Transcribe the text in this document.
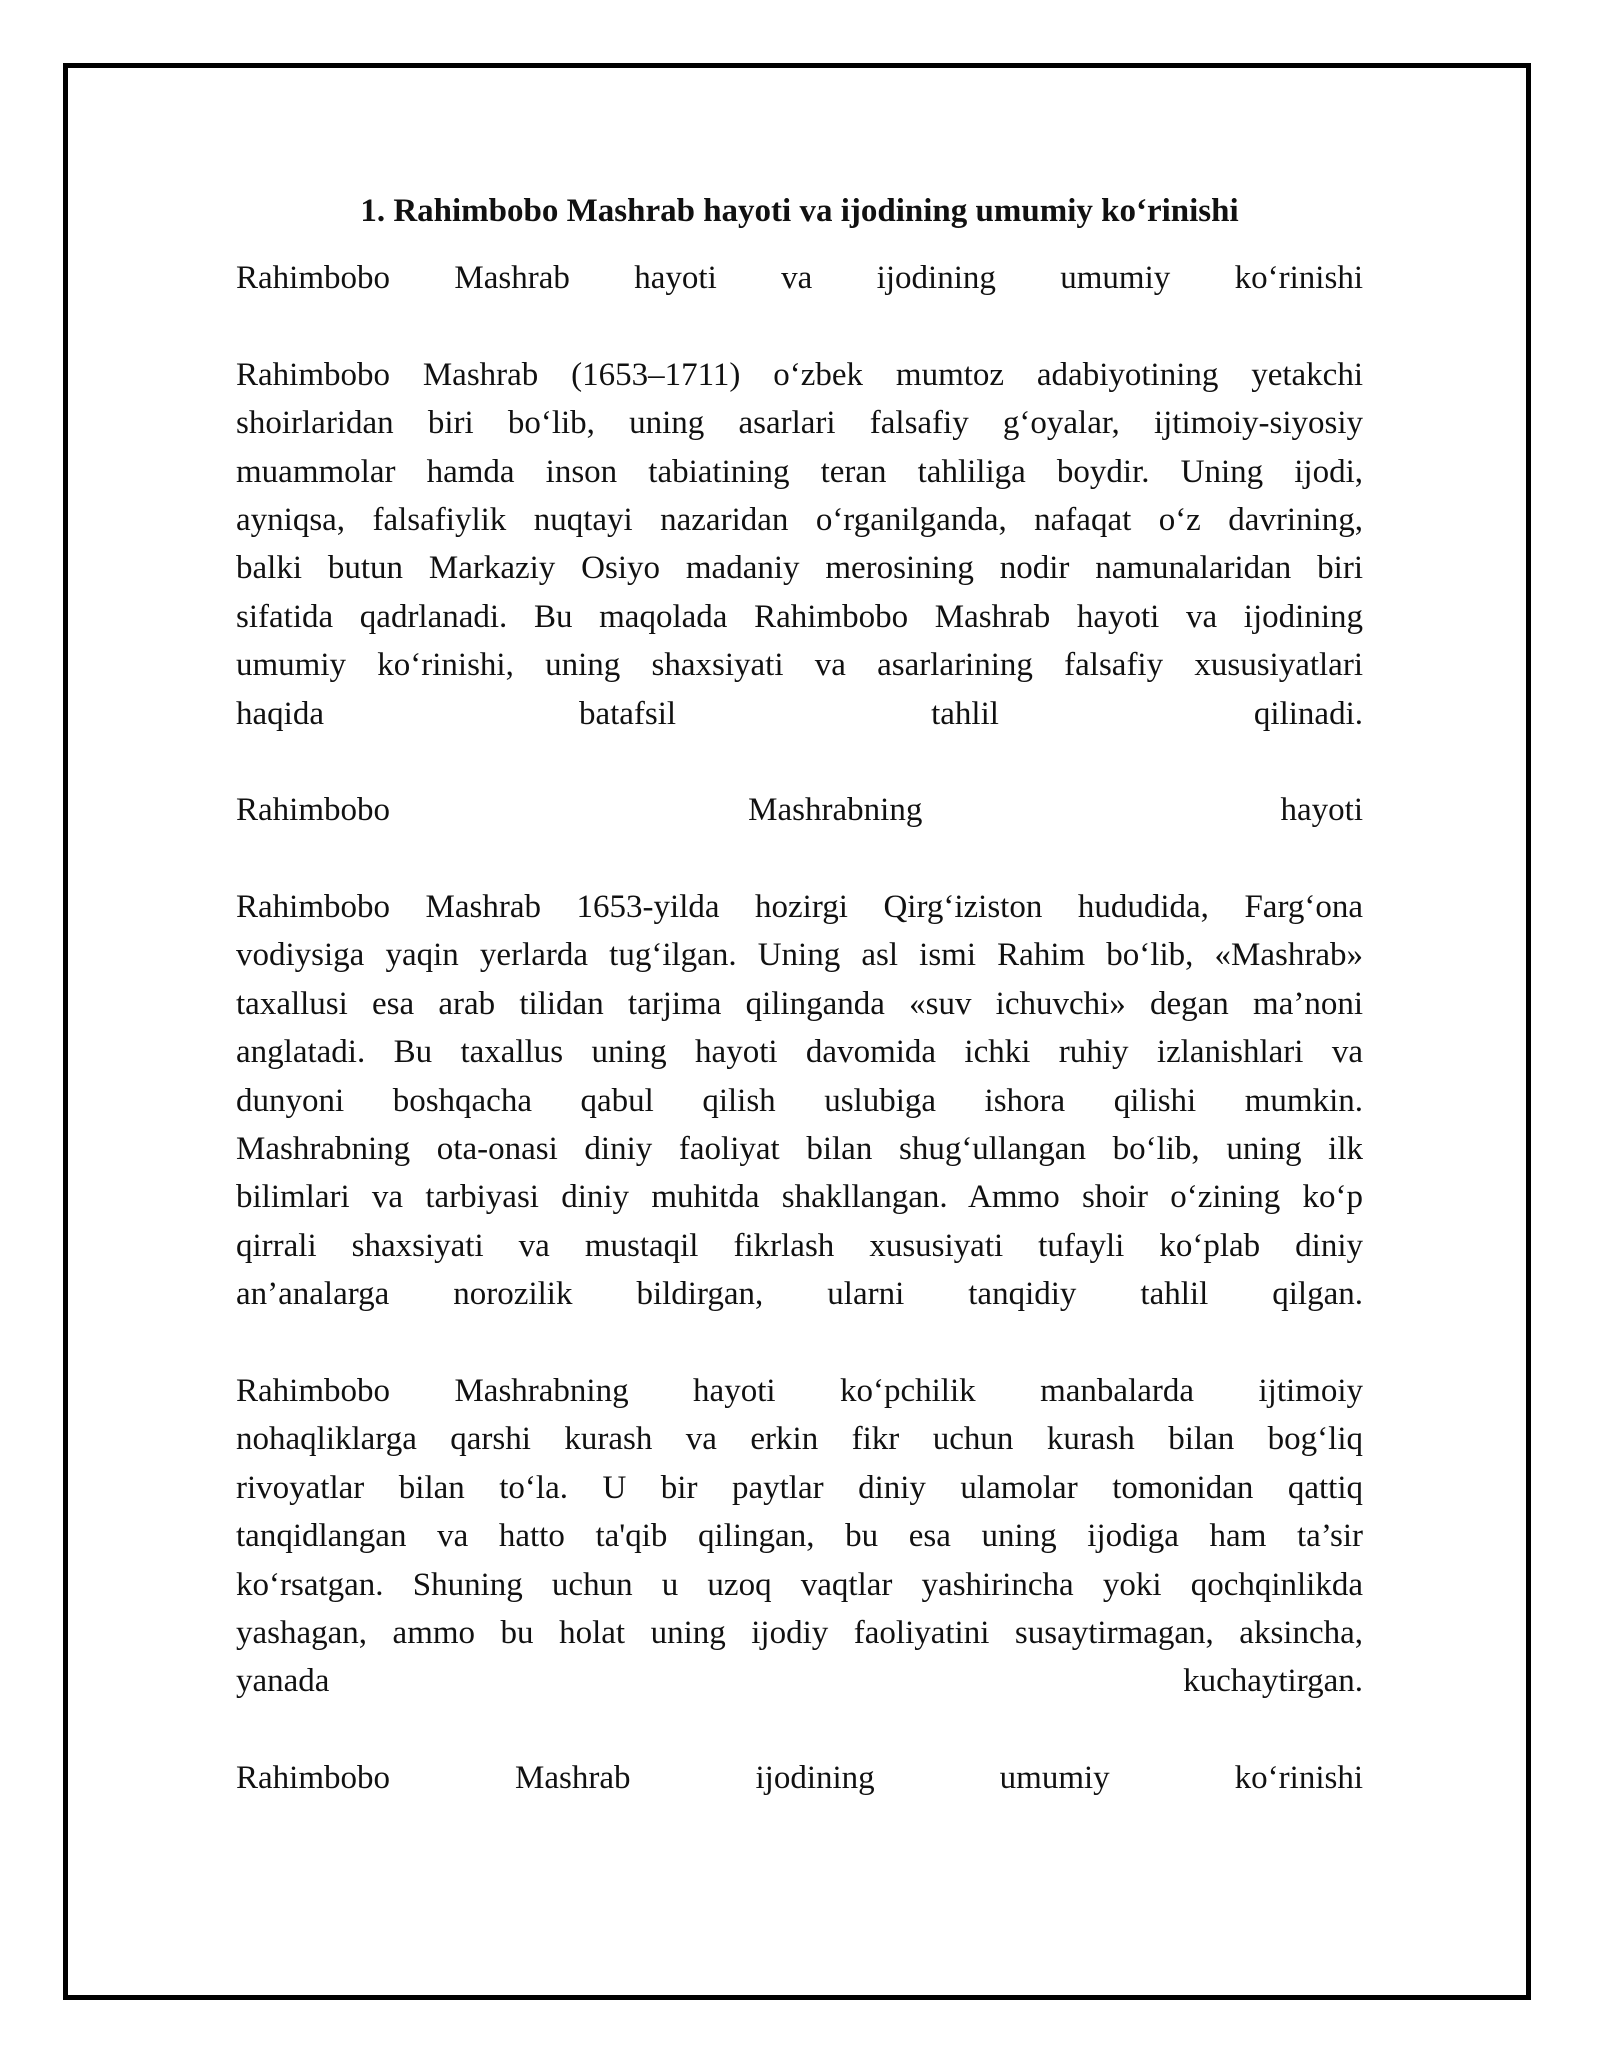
1. Rahimbobo Mashrab hayoti va ijodining umumiy koʻrinishi
Rahimbobo Mashrab hayoti va ijodining umumiy koʻrinishi
Rahimbobo Mashrab (1653–1711) oʻzbek mumtoz adabiyotining yetakchi
shoirlaridan biri boʻlib, uning asarlari falsafiy gʻoyalar, ijtimoiy-siyosiy
muammolar hamda inson tabiatining teran tahliliga boydir. Uning ijodi,
ayniqsa, falsafiylik nuqtayi nazaridan oʻrganilganda, nafaqat oʻz davrining,
balki butun Markaziy Osiyo madaniy merosining nodir namunalaridan biri
sifatida qadrlanadi. Bu maqolada Rahimbobo Mashrab hayoti va ijodining
umumiy koʻrinishi, uning shaxsiyati va asarlarining falsafiy xususiyatlari
haqida batafsil tahlil qilinadi.
Rahimbobo Mashrabning hayoti
Rahimbobo Mashrab 1653-yilda hozirgi Qirgʻiziston hududida, Fargʻona
vodiysiga yaqin yerlarda tugʻilgan. Uning asl ismi Rahim boʻlib, «Mashrab»
taxallusi esa arab tilidan tarjima qilinganda «suv ichuvchi» degan ma’noni
anglatadi. Bu taxallus uning hayoti davomida ichki ruhiy izlanishlari va
dunyoni boshqacha qabul qilish uslubiga ishora qilishi mumkin.
Mashrabning ota-onasi diniy faoliyat bilan shugʻullangan boʻlib, uning ilk
bilimlari va tarbiyasi diniy muhitda shakllangan. Ammo shoir oʻzining koʻp
qirrali shaxsiyati va mustaqil fikrlash xususiyati tufayli koʻplab diniy
an’analarga norozilik bildirgan, ularni tanqidiy tahlil qilgan.
Rahimbobo Mashrabning hayoti koʻpchilik manbalarda ijtimoiy
nohaqliklarga qarshi kurash va erkin fikr uchun kurash bilan bogʻliq
rivoyatlar bilan toʻla. U bir paytlar diniy ulamolar tomonidan qattiq
tanqidlangan va hatto ta'qib qilingan, bu esa uning ijodiga ham ta’sir
koʻrsatgan. Shuning uchun u uzoq vaqtlar yashirincha yoki qochqinlikda
yashagan, ammo bu holat uning ijodiy faoliyatini susaytirmagan, aksincha,
yanada kuchaytirgan.
Rahimbobo Mashrab ijodining umumiy koʻrinishi
